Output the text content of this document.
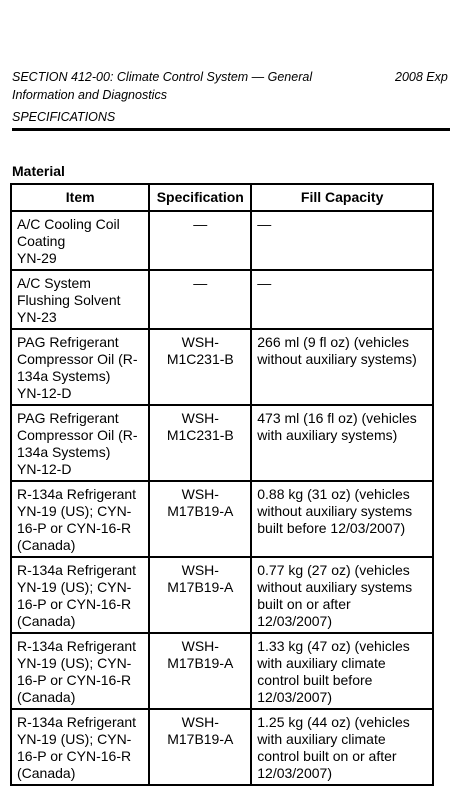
SECTION 412-00: Climate Control System — General	2008 Exp
Information and Diagnostics
SPECIFICATIONS
Material
Item	Specification	Fill Capacity

A/C Cooling Coil
Coating
YN-29	—	—

A/C System
Flushing Solvent
YN-23	—	—

PAG Refrigerant
Compressor Oil (R-
134a Systems)
YN-12-D	WSH-
M1C231-B	266 ml (9 fl oz) (vehicles
without auxiliary systems)

PAG Refrigerant
Compressor Oil (R-
134a Systems)
YN-12-D	WSH-
M1C231-B	473 ml (16 fl oz) (vehicles
with auxiliary systems)

R-134a Refrigerant
YN-19 (US); CYN-
16-P or CYN-16-R
(Canada)	WSH-
M17B19-A	0.88 kg (31 oz) (vehicles
without auxiliary systems
built before 12/03/2007)

R-134a Refrigerant
YN-19 (US); CYN-
16-P or CYN-16-R
(Canada)	WSH-
M17B19-A	0.77 kg (27 oz) (vehicles
without auxiliary systems
built on or after
12/03/2007)

R-134a Refrigerant
YN-19 (US); CYN-
16-P or CYN-16-R
(Canada)	WSH-
M17B19-A	1.33 kg (47 oz) (vehicles
with auxiliary climate
control built before
12/03/2007)

R-134a Refrigerant
YN-19 (US); CYN-
16-P or CYN-16-R
(Canada)	WSH-
M17B19-A	1.25 kg (44 oz) (vehicles
with auxiliary climate
control built on or after
12/03/2007)
